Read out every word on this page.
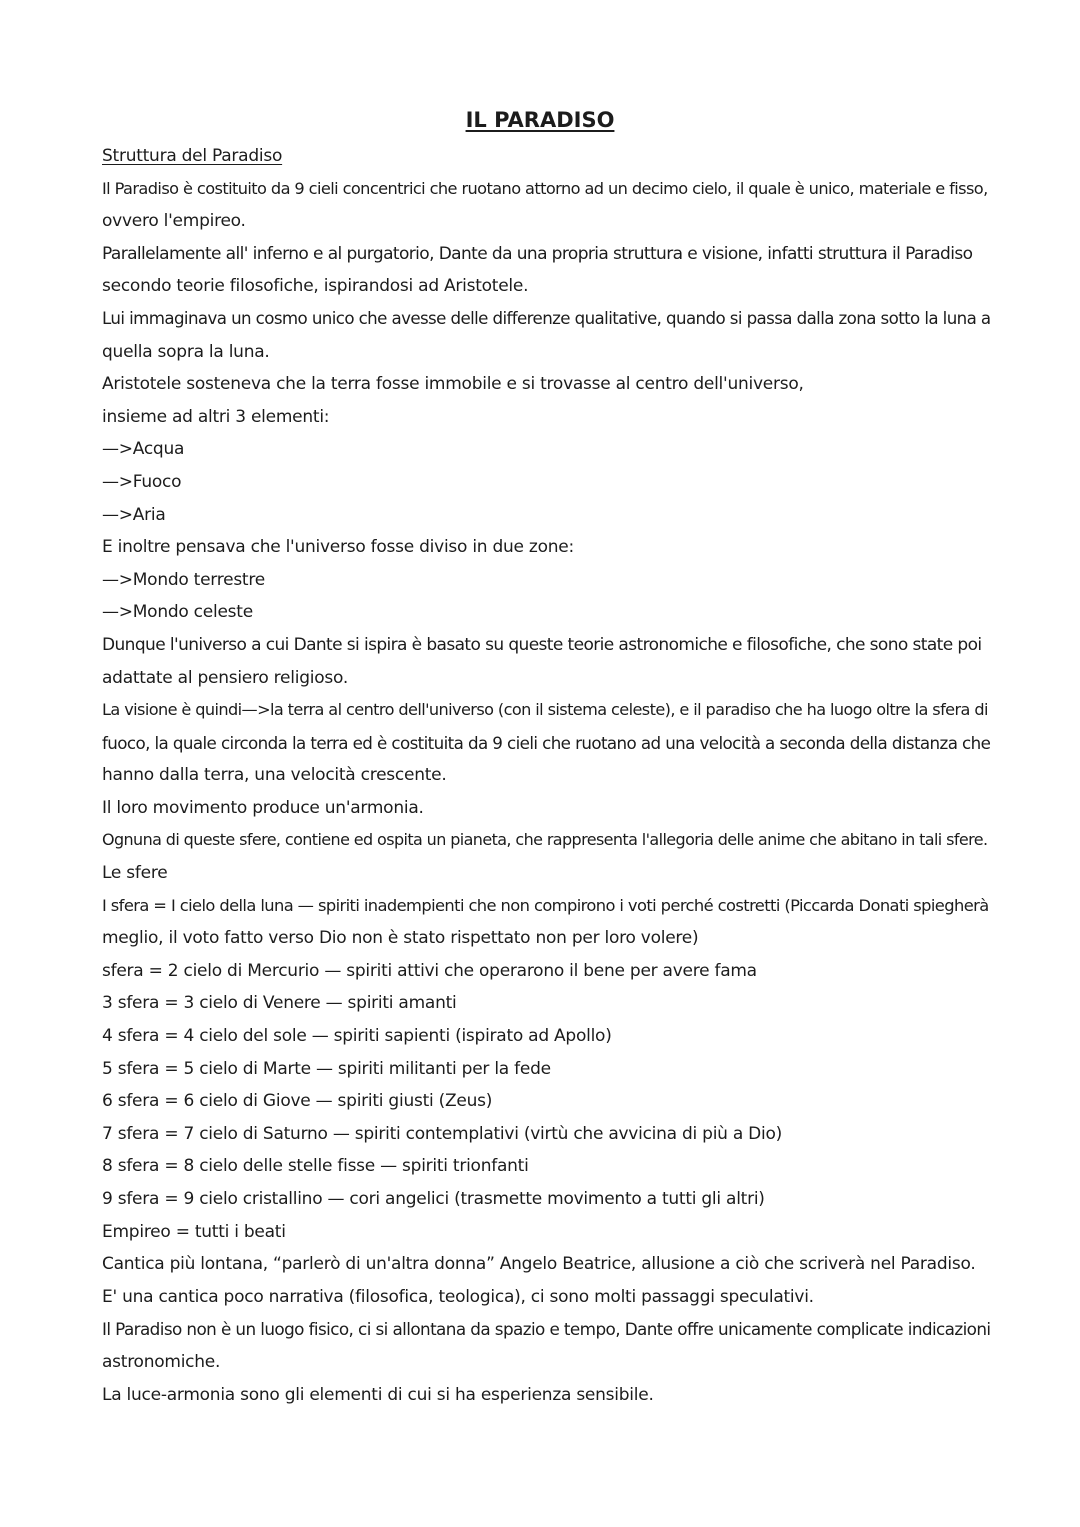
IL PARADISO
Struttura del Paradiso
Il Paradiso è costituito da 9 cieli concentrici che ruotano attorno ad un decimo cielo, il quale è unico, materiale e fisso,
ovvero l'empireo.
Parallelamente all' inferno e al purgatorio, Dante da una propria struttura e visione, infatti struttura il Paradiso
secondo teorie filosofiche, ispirandosi ad Aristotele.
Lui immaginava un cosmo unico che avesse delle differenze qualitative, quando si passa dalla zona sotto la luna a
quella sopra la luna.
Aristotele sosteneva che la terra fosse immobile e si trovasse al centro dell'universo,
insieme ad altri 3 elementi:
—>Acqua
—>Fuoco
—>Aria
E inoltre pensava che l'universo fosse diviso in due zone:
—>Mondo terrestre
—>Mondo celeste
Dunque l'universo a cui Dante si ispira è basato su queste teorie astronomiche e filosofiche, che sono state poi
adattate al pensiero religioso.
La visione è quindi—>la terra al centro dell'universo (con il sistema celeste), e il paradiso che ha luogo oltre la sfera di
fuoco, la quale circonda la terra ed è costituita da 9 cieli che ruotano ad una velocità a seconda della distanza che
hanno dalla terra, una velocità crescente.
Il loro movimento produce un'armonia.
Ognuna di queste sfere, contiene ed ospita un pianeta, che rappresenta l'allegoria delle anime che abitano in tali sfere.
Le sfere
I sfera = I cielo della luna — spiriti inadempienti che non compirono i voti perché costretti (Piccarda Donati spiegherà
meglio, il voto fatto verso Dio non è stato rispettato non per loro volere)
sfera = 2 cielo di Mercurio — spiriti attivi che operarono il bene per avere fama
3 sfera = 3 cielo di Venere — spiriti amanti
4 sfera = 4 cielo del sole — spiriti sapienti (ispirato ad Apollo)
5 sfera = 5 cielo di Marte — spiriti militanti per la fede
6 sfera = 6 cielo di Giove — spiriti giusti (Zeus)
7 sfera = 7 cielo di Saturno — spiriti contemplativi (virtù che avvicina di più a Dio)
8 sfera = 8 cielo delle stelle fisse — spiriti trionfanti
9 sfera = 9 cielo cristallino — cori angelici (trasmette movimento a tutti gli altri)
Empireo = tutti i beati
Cantica più lontana, “parlerò di un'altra donna” Angelo Beatrice, allusione a ciò che scriverà nel Paradiso.
E' una cantica poco narrativa (filosofica, teologica), ci sono molti passaggi speculativi.
Il Paradiso non è un luogo fisico, ci si allontana da spazio e tempo, Dante offre unicamente complicate indicazioni
astronomiche.
La luce-armonia sono gli elementi di cui si ha esperienza sensibile.
